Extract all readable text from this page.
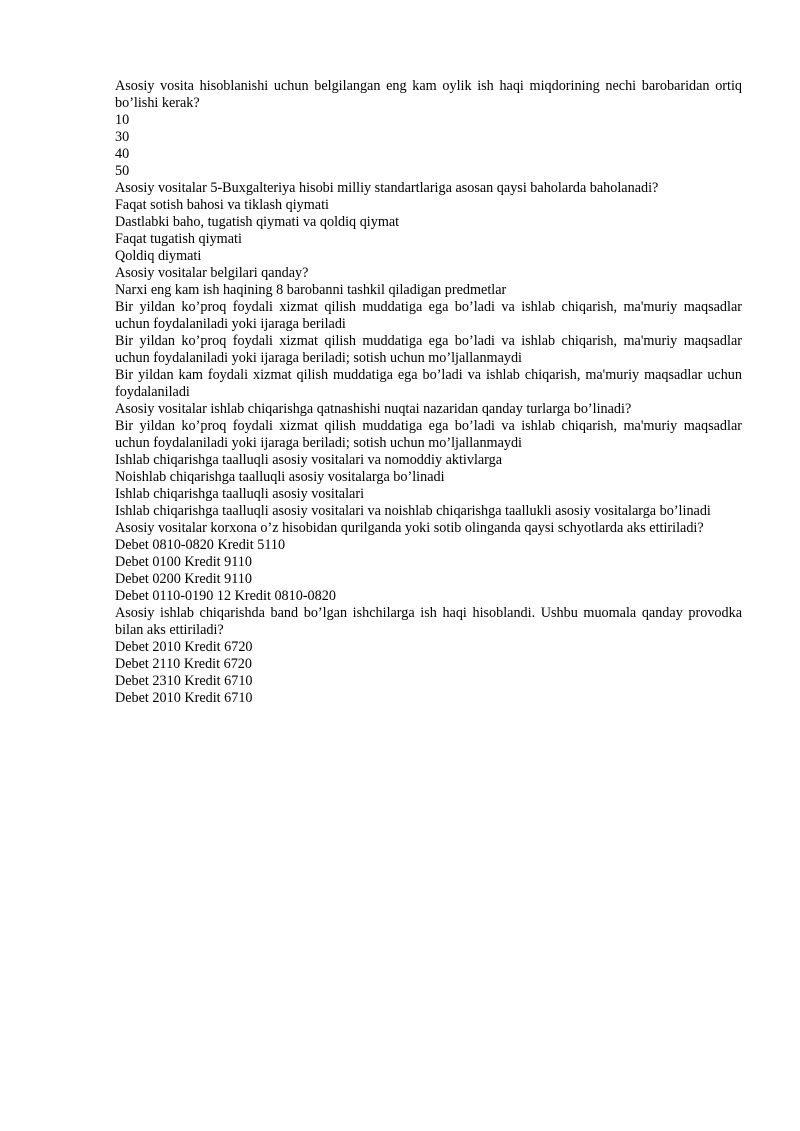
Asosiy vosita hisoblanishi uchun belgilangan eng kam oylik ish haqi miqdorining nechi barobaridan ortiq bo’lishi kerak?
10
30
40
50
Asosiy vositalar 5-Buxgalteriya hisobi milliy standartlariga asosan qaysi baholarda baholanadi?
Faqat sotish bahosi va tiklash qiymati
Dastlabki baho, tugatish qiymati va qoldiq qiymat
Faqat tugatish qiymati
Qoldiq diymati
Asosiy vositalar belgilari qanday?
Narxi eng kam ish haqining 8 barobanni tashkil qiladigan predmetlar
Bir yildan ko’proq foydali xizmat qilish muddatiga ega bo’ladi va ishlab chiqarish, ma'muriy maqsadlar uchun foydalaniladi yoki ijaraga beriladi
Bir yildan ko’proq foydali xizmat qilish muddatiga ega bo’ladi va ishlab chiqarish, ma'muriy maqsadlar uchun foydalaniladi yoki ijaraga beriladi; sotish uchun mo’ljallanmaydi
Bir yildan kam foydali xizmat qilish muddatiga ega bo’ladi va ishlab chiqarish, ma'muriy maqsadlar uchun foydalaniladi
Asosiy vositalar ishlab chiqarishga qatnashishi nuqtai nazaridan qanday turlarga bo’linadi?
Bir yildan ko’proq foydali xizmat qilish muddatiga ega bo’ladi va ishlab chiqarish, ma'muriy maqsadlar uchun foydalaniladi yoki ijaraga beriladi; sotish uchun mo’ljallanmaydi
Ishlab chiqarishga taalluqli asosiy vositalari va nomoddiy aktivlarga
Noishlab chiqarishga taalluqli asosiy vositalarga bo’linadi
Ishlab chiqarishga taalluqli asosiy vositalari
Ishlab chiqarishga taalluqli asosiy vositalari va noishlab chiqarishga taallukli asosiy vositalarga bo’linadi
Asosiy vositalar korxona o’z hisobidan qurilganda yoki sotib olinganda qaysi schyotlarda aks ettiriladi?
Debet 0810-0820 Kredit 5110
Debet 0100 Kredit 9110
Debet 0200 Kredit 9110
Debet 0110-0190 12 Kredit 0810-0820
Asosiy ishlab chiqarishda band bo’lgan ishchilarga ish haqi hisoblandi. Ushbu muomala qanday provodka bilan aks ettiriladi?
Debet 2010 Kredit 6720
Debet 2110 Kredit 6720
Debet 2310 Kredit 6710
Debet 2010 Kredit 6710
